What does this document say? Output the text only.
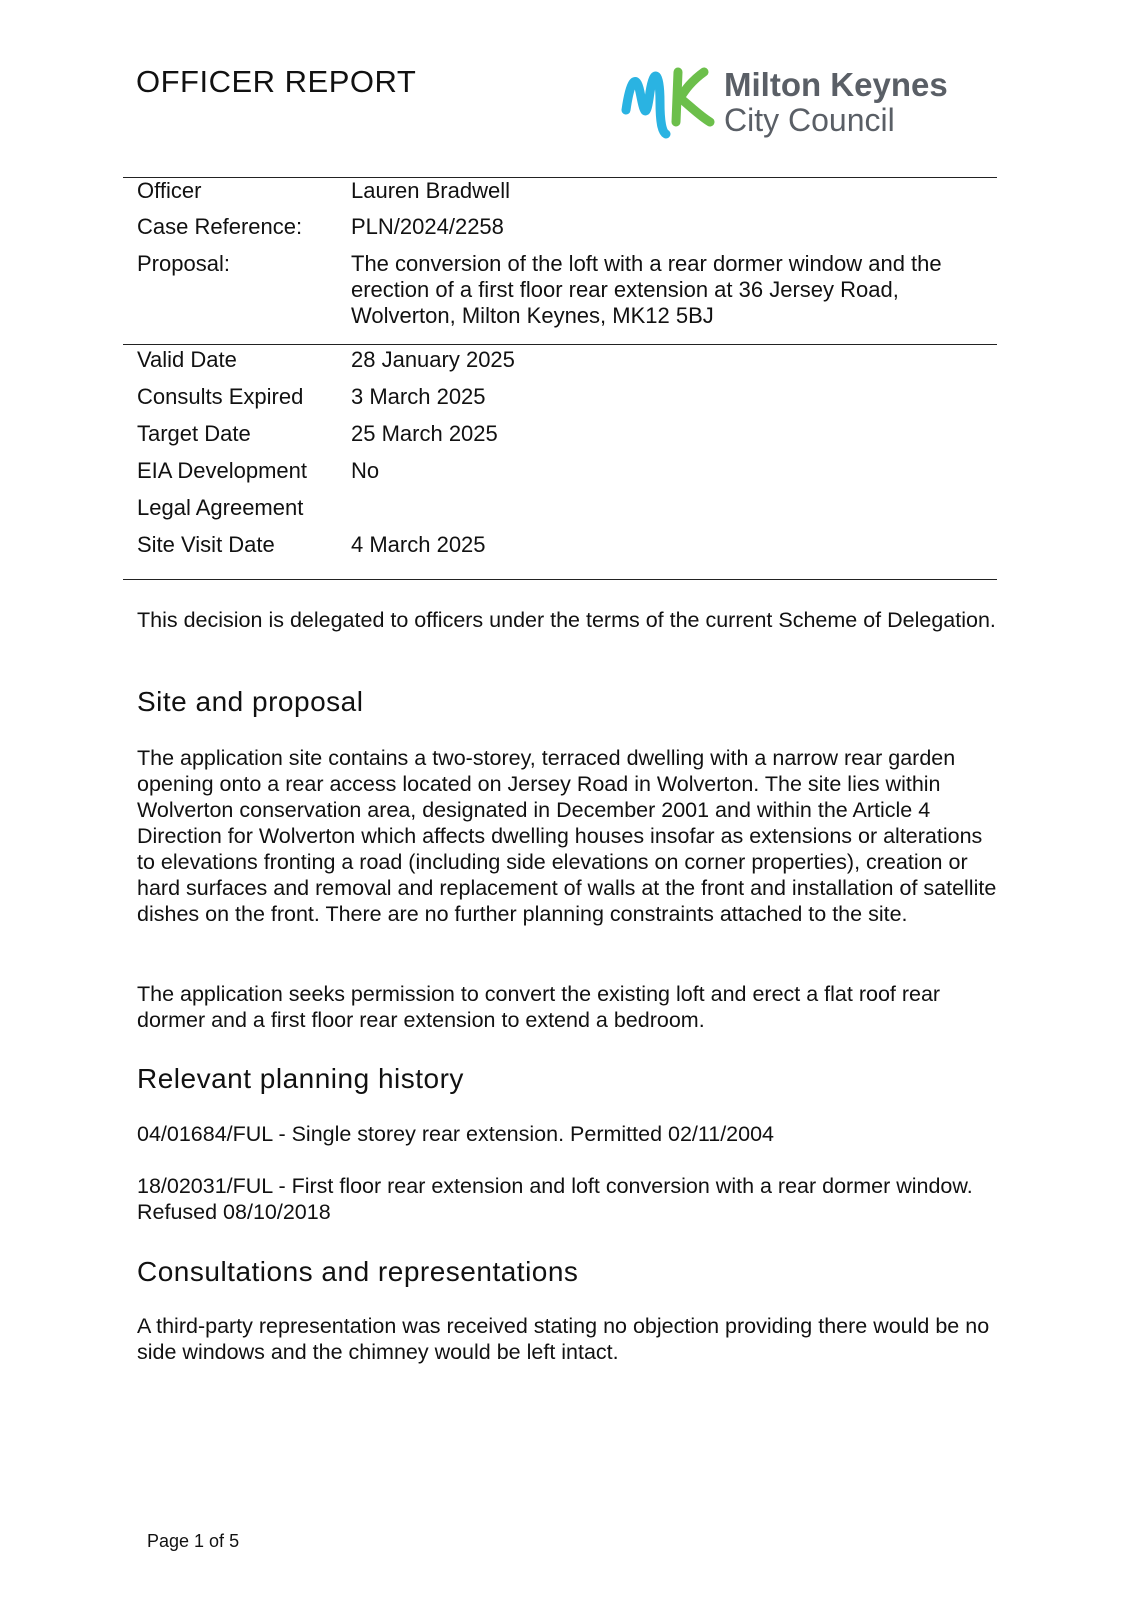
OFFICER REPORT	Milton Keynes
City Council
Officer	Lauren Bradwell
Case Reference:	PLN/2024/2258
Proposal:	The conversion of the loft with a rear dormer window and the erection of a first floor rear extension at 36 Jersey Road, Wolverton, Milton Keynes, MK12 5BJ
Valid Date	28 January 2025
Consults Expired	3 March 2025
Target Date	25 March 2025
EIA Development	No
Legal Agreement
Site Visit Date	4 March 2025

This decision is delegated to officers under the terms of the current Scheme of Delegation.

Site and proposal

The application site contains a two-storey, terraced dwelling with a narrow rear garden opening onto a rear access located on Jersey Road in Wolverton. The site lies within Wolverton conservation area, designated in December 2001 and within the Article 4 Direction for Wolverton which affects dwelling houses insofar as extensions or alterations to elevations fronting a road (including side elevations on corner properties), creation or hard surfaces and removal and replacement of walls at the front and installation of satellite dishes on the front. There are no further planning constraints attached to the site.

The application seeks permission to convert the existing loft and erect a flat roof rear dormer and a first floor rear extension to extend a bedroom.

Relevant planning history

04/01684/FUL - Single storey rear extension. Permitted 02/11/2004

18/02031/FUL - First floor rear extension and loft conversion with a rear dormer window. Refused 08/10/2018

Consultations and representations

A third-party representation was received stating no objection providing there would be no side windows and the chimney would be left intact.

Page 1 of 5
